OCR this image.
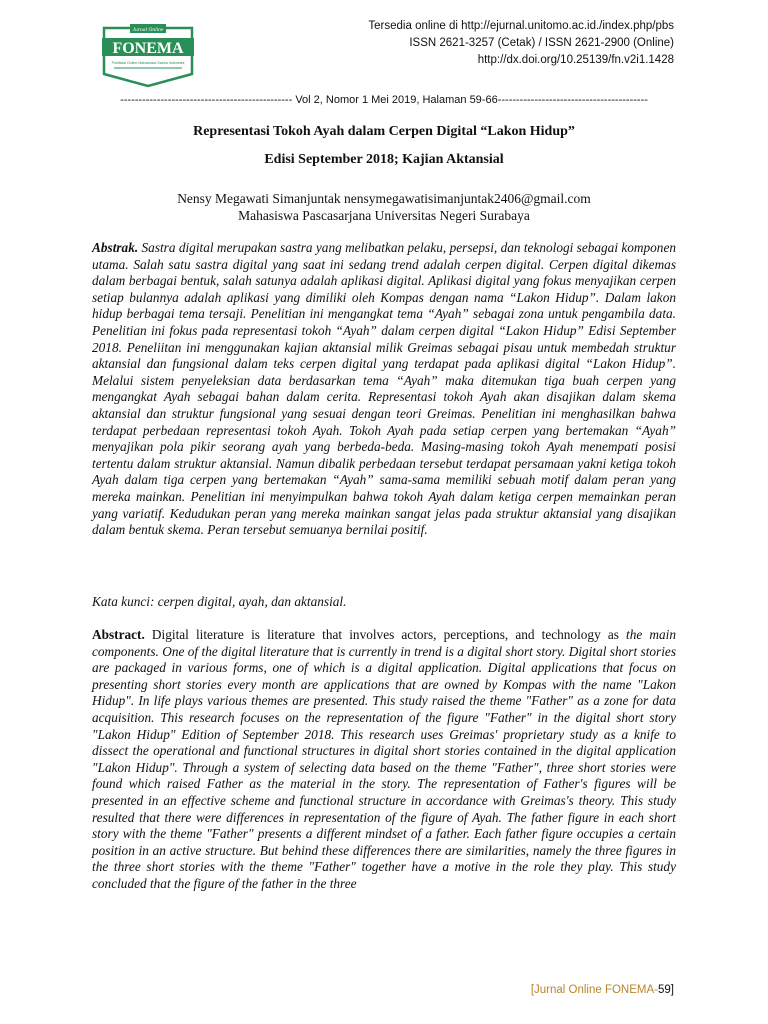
Jurnal Online
FONEMA
Publikasi Online Mahasiswa Sastra Indonesia
Tersedia online di http://ejurnal.unitomo.ac.id./index.php/pbs
ISSN 2621-3257 (Cetak) / ISSN 2621-2900 (Online)
http://dx.doi.org/10.25139/fn.v2i1.1428
----------------------------------------------- Vol 2, Nomor 1 Mei 2019, Halaman 59-66-----------------------------------------
Representasi Tokoh Ayah dalam Cerpen Digital “Lakon Hidup”
Edisi September 2018; Kajian Aktansial
Nensy Megawati Simanjuntak nensymegawatisimanjuntak2406@gmail.com
Mahasiswa Pascasarjana Universitas Negeri Surabaya

Abstrak. Sastra digital merupakan sastra yang melibatkan pelaku, persepsi, dan teknologi sebagai komponen utama. Salah satu sastra digital yang saat ini sedang trend adalah cerpen digital. Cerpen digital dikemas dalam berbagai bentuk, salah satunya adalah aplikasi digital. Aplikasi digital yang fokus menyajikan cerpen setiap bulannya adalah aplikasi yang dimiliki oleh Kompas dengan nama “Lakon Hidup”. Dalam lakon hidup berbagai tema tersaji. Penelitian ini mengangkat tema “Ayah” sebagai zona untuk pengambila data. Penelitian ini fokus pada representasi tokoh “Ayah” dalam cerpen digital “Lakon Hidup” Edisi September 2018. Peneliitan ini menggunakan kajian aktansial milik Greimas sebagai pisau untuk membedah struktur aktansial dan fungsional dalam teks cerpen digital yang terdapat pada aplikasi digital “Lakon Hidup”. Melalui sistem penyeleksian data berdasarkan tema “Ayah” maka ditemukan tiga buah cerpen yang mengangkat Ayah sebagai bahan dalam cerita. Representasi tokoh Ayah akan disajikan dalam skema aktansial dan struktur fungsional yang sesuai dengan teori Greimas. Penelitian ini menghasilkan bahwa terdapat perbedaan representasi tokoh Ayah. Tokoh Ayah pada setiap cerpen yang bertemakan “Ayah” menyajikan pola pikir seorang ayah yang berbeda-beda. Masing-masing tokoh Ayah menempati posisi tertentu dalam struktur aktansial. Namun dibalik perbedaan tersebut terdapat persamaan yakni ketiga tokoh Ayah dalam tiga cerpen yang bertemakan “Ayah” sama-sama memiliki sebuah motif dalam peran yang mereka mainkan. Penelitian ini menyimpulkan bahwa tokoh Ayah dalam ketiga cerpen memainkan peran yang variatif. Kedudukan peran yang mereka mainkan sangat jelas pada struktur aktansial yang disajikan dalam bentuk skema. Peran tersebut semuanya bernilai positif.

Kata kunci: cerpen digital, ayah, dan aktansial.

Abstract. Digital literature is literature that involves actors, perceptions, and technology as the main components. One of the digital literature that is currently in trend is a digital short story. Digital short stories are packaged in various forms, one of which is a digital application. Digital applications that focus on presenting short stories every month are applications that are owned by Kompas with the name "Lakon Hidup". In life plays various themes are presented. This study raised the theme "Father" as a zone for data acquisition. This research focuses on the representation of the figure "Father" in the digital short story "Lakon Hidup" Edition of September 2018. This research uses Greimas' proprietary study as a knife to dissect the operational and functional structures in digital short stories contained in the digital application "Lakon Hidup". Through a system of selecting data based on the theme "Father", three short stories were found which raised Father as the material in the story. The representation of Father's figures will be presented in an effective scheme and functional structure in accordance with Greimas's theory. This study resulted that there were differences in representation of the figure of Ayah. The father figure in each short story with the theme "Father" presents a different mindset of a father. Each father figure occupies a certain position in an active structure. But behind these differences there are similarities, namely the three figures in the three short stories with the theme "Father" together have a motive in the role they play. This study concluded that the figure of the father in the three

[Jurnal Online FONEMA-59]
